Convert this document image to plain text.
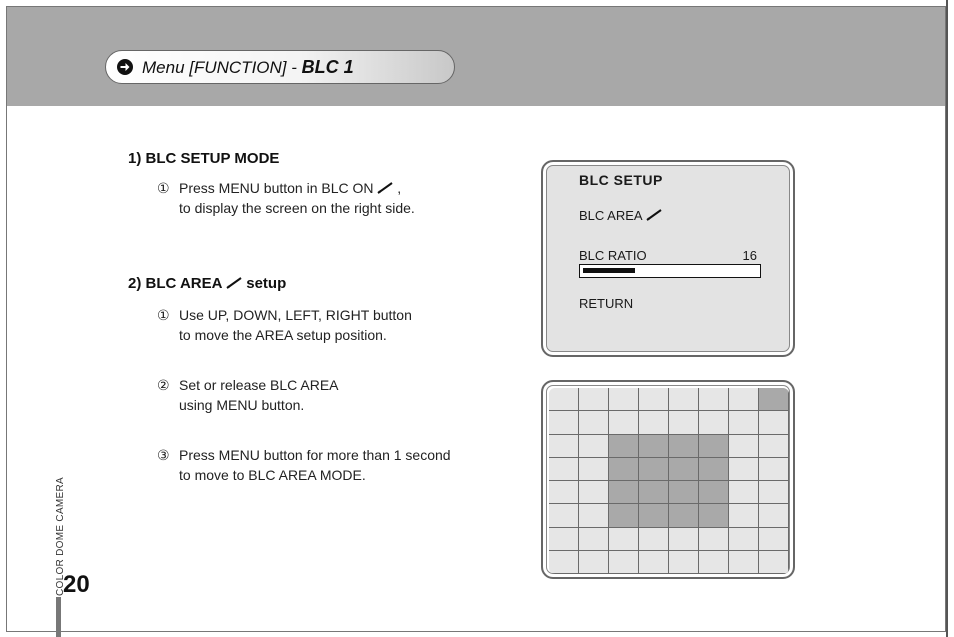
Menu [FUNCTION] - BLC 1
1) BLC SETUP MODE
① Press MENU button in BLC ON ,
to display the screen on the right side.
2) BLC AREA  setup
① Use UP, DOWN, LEFT, RIGHT button
to move the AREA setup position.
② Set or release BLC AREA
using MENU button.
③ Press MENU button for more than 1 second
to move to BLC AREA MODE.
BLC SETUP
BLC AREA
BLC RATIO	16
RETURN
COLOR DOME CAMERA
20
